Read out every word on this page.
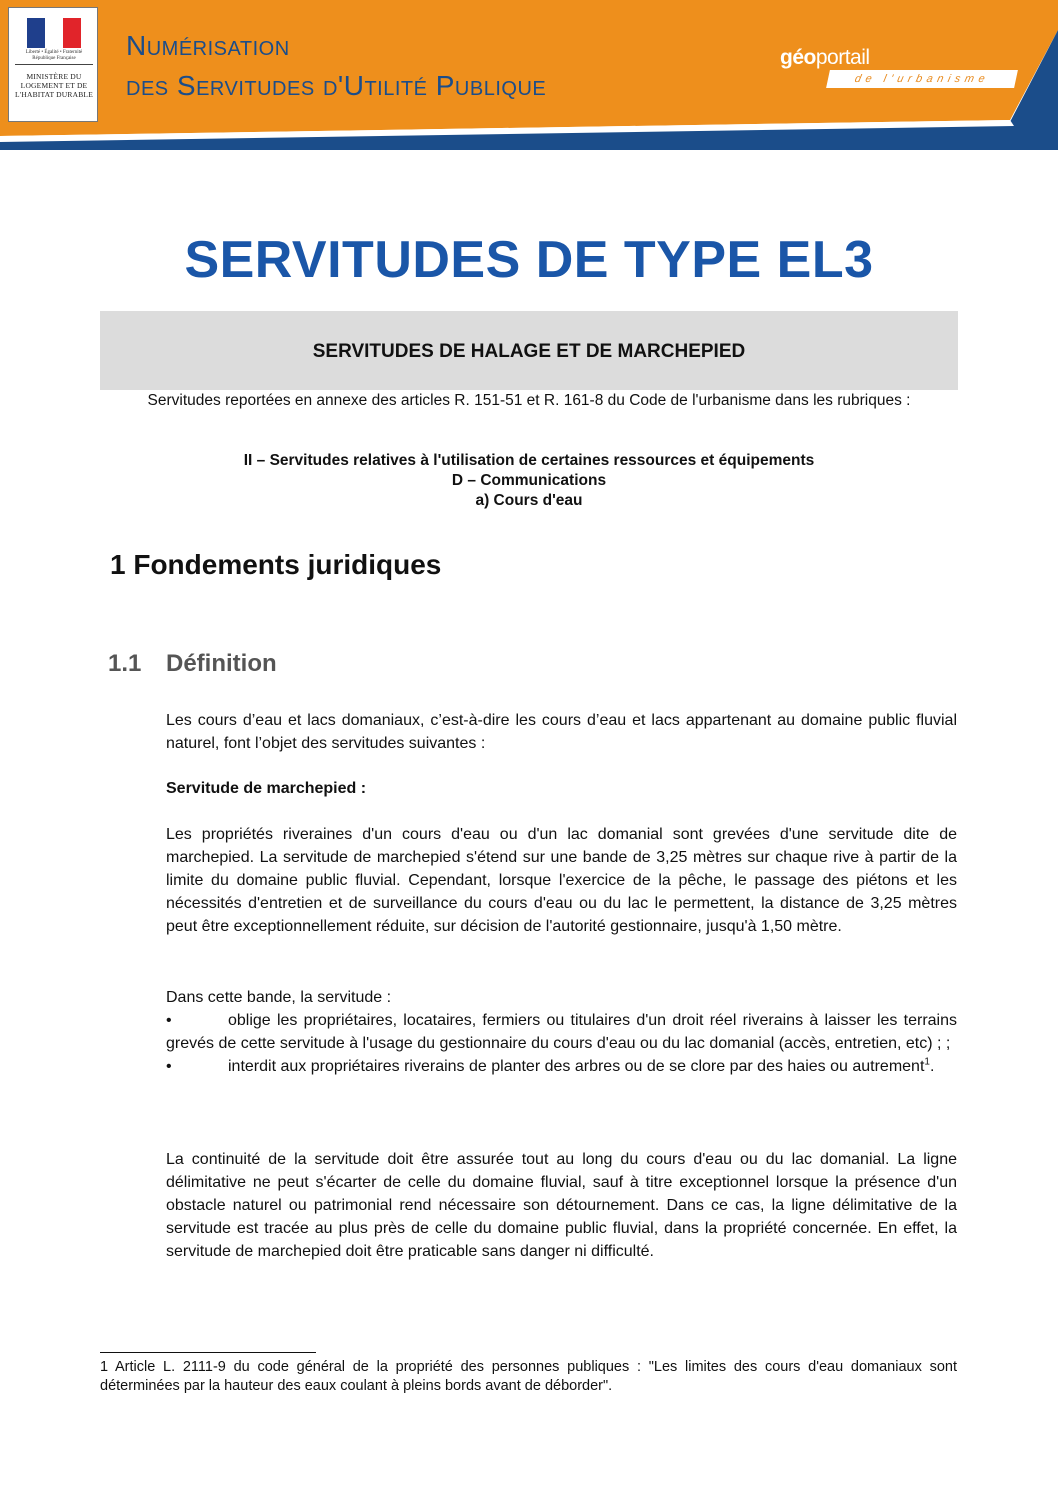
Liberté • Égalité • Fraternité
République Française
MINISTÈRE DU LOGEMENT ET DE L'HABITAT DURABLE
Numérisation
des Servitudes d'Utilité Publique
géoportail
de l'urbanisme
SERVITUDES DE TYPE EL3
SERVITUDES DE HALAGE ET DE MARCHEPIED
Servitudes reportées en annexe des articles R. 151-51 et R. 161-8 du Code de l'urbanisme dans les rubriques :
II – Servitudes relatives à l'utilisation de certaines ressources et équipements
D – Communications
a) Cours d'eau
1 Fondements juridiques
1.1 Définition
Les cours d’eau et lacs domaniaux, c’est-à-dire les cours d’eau et lacs appartenant au domaine public fluvial naturel, font l’objet des servitudes suivantes :
Servitude de marchepied :
Les propriétés riveraines d'un cours d'eau ou d'un lac domanial sont grevées d'une servitude dite de marchepied. La servitude de marchepied s'étend sur une bande de 3,25 mètres sur chaque rive à partir de la limite du domaine public fluvial. Cependant, lorsque l'exercice de la pêche, le passage des piétons et les nécessités d'entretien et de surveillance du cours d'eau ou du lac le permettent, la distance de 3,25 mètres peut être exceptionnellement réduite, sur décision de l'autorité gestionnaire, jusqu'à 1,50 mètre.
Dans cette bande, la servitude :
•	oblige les propriétaires, locataires, fermiers ou titulaires d'un droit réel riverains à laisser les terrains grevés de cette servitude à l'usage du gestionnaire du cours d'eau ou du lac domanial (accès, entretien, etc) ; ;
•	interdit aux propriétaires riverains de planter des arbres ou de se clore par des haies ou autrement$^1$.
La continuité de la servitude doit être assurée tout au long du cours d'eau ou du lac domanial. La ligne délimitative ne peut s'écarter de celle du domaine fluvial, sauf à titre exceptionnel lorsque la présence d'un obstacle naturel ou patrimonial rend nécessaire son détournement. Dans ce cas, la ligne délimitative de la servitude est tracée au plus près de celle du domaine public fluvial, dans la propriété concernée. En effet, la servitude de marchepied doit être praticable sans danger ni difficulté.
1 Article L. 2111-9 du code général de la propriété des personnes publiques : "Les limites des cours d'eau domaniaux sont déterminées par la hauteur des eaux coulant à pleins bords avant de déborder".
